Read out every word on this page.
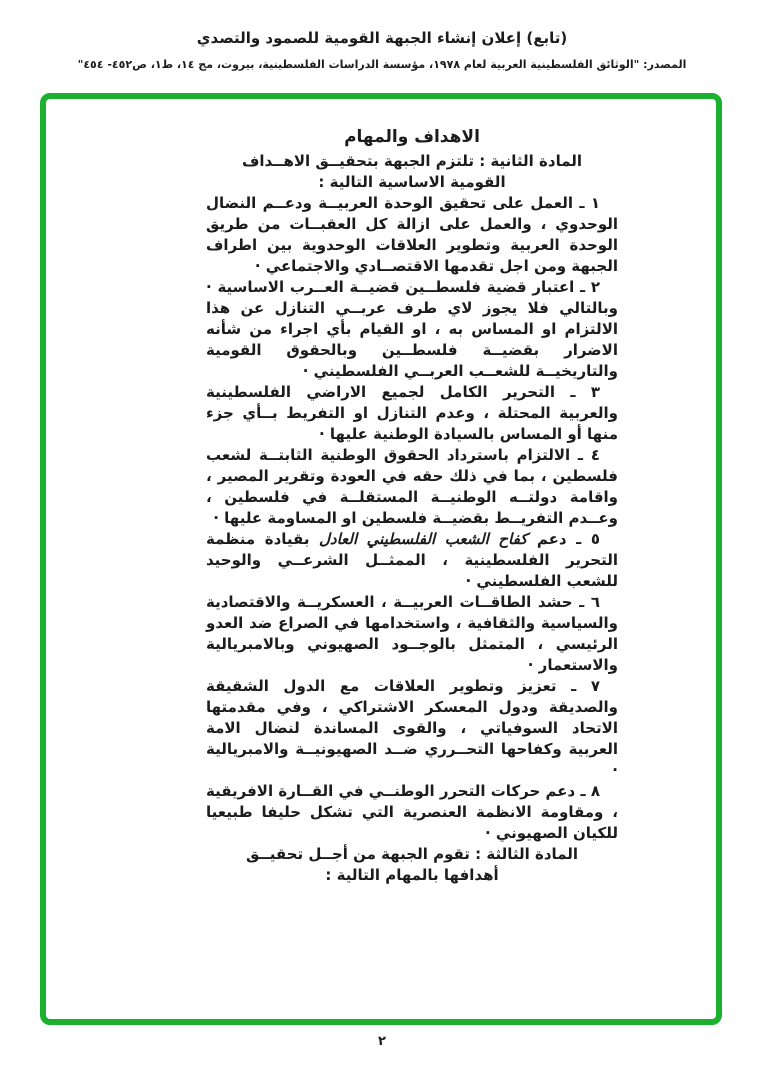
(تابع) إعلان إنشاء الجبهة القومية للصمود والتصدي
المصدر: "الوثائق الفلسطينية العربية لعام ١٩٧٨، مؤسسة الدراسات الفلسطينية، بيروت، مج ١٤، ط١، ص٤٥٢- ٤٥٤"
الاهداف والمهام
المادة الثانية : تلتزم الجبهة بتحقيــق الاهــداف
القومية الاساسية التالية :

١ ـ العمل على تحقيق الوحدة العربيــة ودعــم النضال الوحدوي ، والعمل على ازالة كل العقبــات من طريق الوحدة العربية وتطوير العلاقات الوحدوية بين اطراف الجبهة ومن اجل تقدمها الاقتصــادي والاجتماعي ·

٢ ـ اعتبار قضية فلسطــين قضيــة العــرب الاساسية · وبالتالي فلا يجوز لاي طرف عربــي التنازل عن هذا الالتزام او المساس به ، او القيام بأي اجراء من شأنه الاضرار بقضيــة فلسطــين وبالحقوق القومية والتاريخيــة للشعــب العربــي الفلسطيني ·

٣ ـ التحرير الكامل لجميع الاراضي الفلسطينية والعربية المحتلة ، وعدم التنازل او التفريط بــأي جزء منها أو المساس بالسيادة الوطنية عليها ·

٤ ـ الالتزام باسترداد الحقوق الوطنية الثابتــة لشعب فلسطين ، بما في ذلك حقه في العودة وتقرير المصير ، واقامة دولتــه الوطنيــة المستقلــة في فلسطين ، وعــدم التفريــط بقضيــة فلسطين او المساومة عليها ·

٥ ـ دعم كفاح الشعب الفلسطيني العادل بقيادة منظمة التحرير الفلسطينية ، الممثــل الشرعــي والوحيد للشعب الفلسطيني ·

٦ ـ حشد الطاقــات العربيــة ، العسكريــة والاقتصادية والسياسية والثقافية ، واستخدامها في الصراع ضد العدو الرئيسي ، المتمثل بالوجــود الصهيوني وبالامبريالية والاستعمار ·

٧ ـ تعزيز وتطوير العلاقات مع الدول الشقيقة والصديقة ودول المعسكر الاشتراكي ، وفي مقدمتها الاتحاد السوفياتي ، والقوى المساندة لنضال الامة العربية وكفاحها التحــرري ضــد الصهيونيــة والامبريالية ·

٨ ـ دعم حركات التحرر الوطنــي في القــارة الافريقية ، ومقاومة الانظمة العنصرية التي تشكل حليفا طبيعيا للكيان الصهيوني ·

المادة الثالثة : تقوم الجبهة من أجــل تحقيــق
أهدافها بالمهام التالية :
٢
